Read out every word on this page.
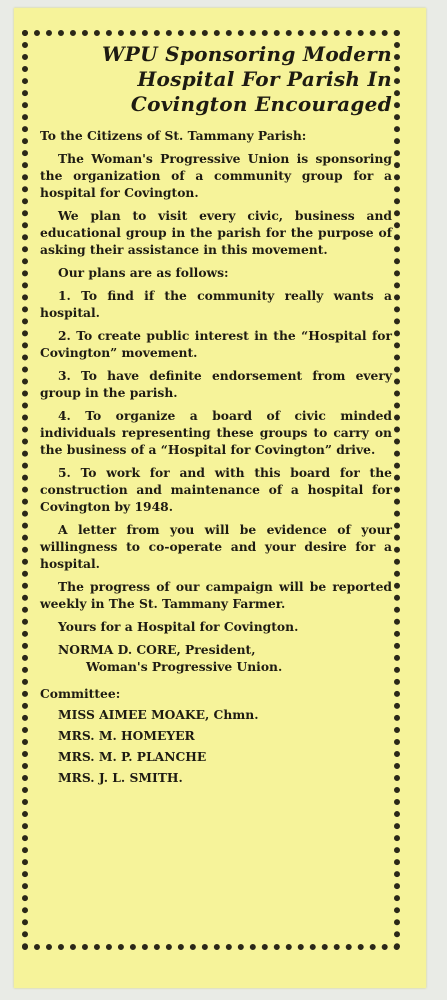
WPU Sponsoring Modern
Hospital For Parish In
Covington Encouraged

To the Citizens of St. Tammany Parish:

The Woman's Progressive Union is sponsoring the organization of a community group for a hospital for Covington.

We plan to visit every civic, business and educational group in the parish for the purpose of asking their assistance in this movement.

Our plans are as follows:

1. To find if the community really wants a hospital.

2. To create public interest in the “Hospital for Covington” movement.

3. To have definite endorsement from every group in the parish.

4. To organize a board of civic minded individuals representing these groups to carry on the business of a “Hospital for Covington” drive.

5. To work for and with this board for the construction and maintenance of a hospital for Covington by 1948.

A letter from you will be evidence of your willingness to co-operate and your desire for a hospital.

The progress of our campaign will be reported weekly in The St. Tammany Farmer.

Yours for a Hospital for Covington.

NORMA D. CORE, President,

Woman's Progressive Union.

Committee:

MISS AIMEE MOAKE, Chmn.

MRS. M. HOMEYER

MRS. M. P. PLANCHE

MRS. J. L. SMITH.
